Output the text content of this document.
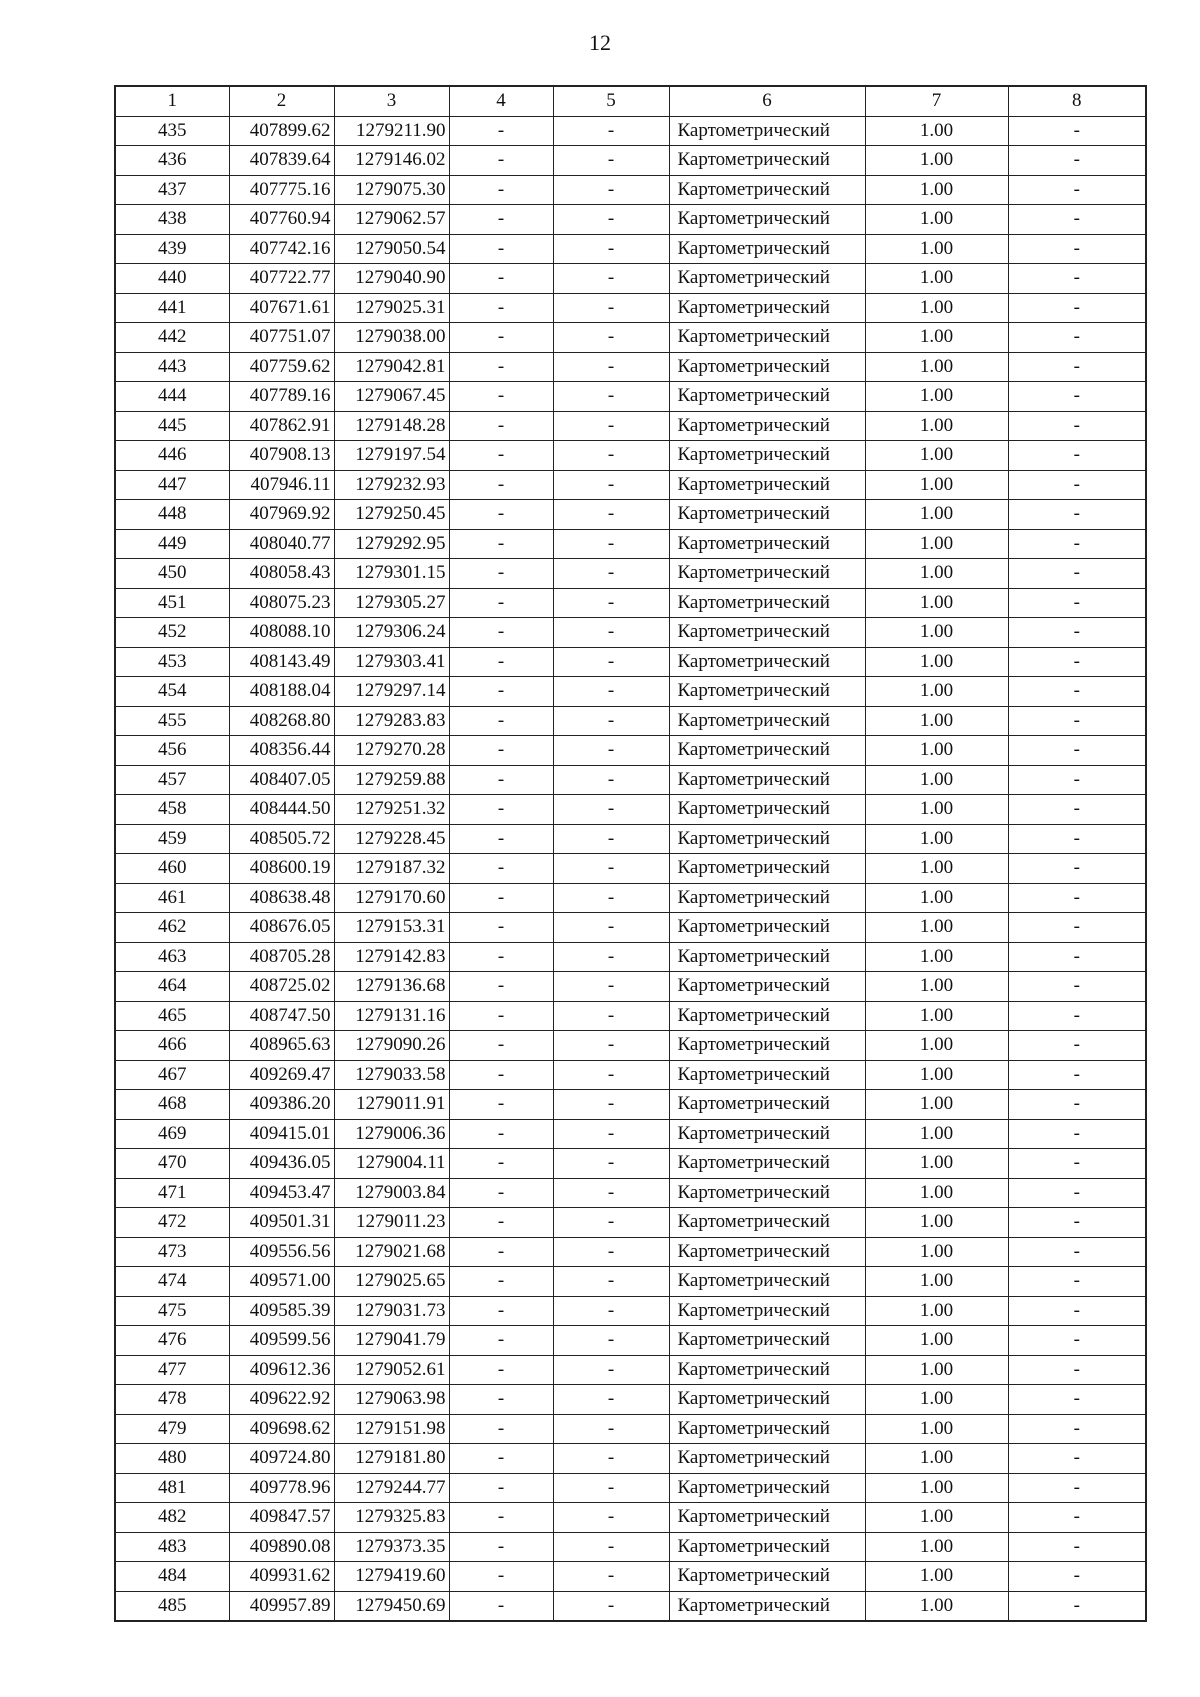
12
1	2	3	4	5	6	7	8
435	407899.62	1279211.90	-	-	Картометрический	1.00	-
436	407839.64	1279146.02	-	-	Картометрический	1.00	-
437	407775.16	1279075.30	-	-	Картометрический	1.00	-
438	407760.94	1279062.57	-	-	Картометрический	1.00	-
439	407742.16	1279050.54	-	-	Картометрический	1.00	-
440	407722.77	1279040.90	-	-	Картометрический	1.00	-
441	407671.61	1279025.31	-	-	Картометрический	1.00	-
442	407751.07	1279038.00	-	-	Картометрический	1.00	-
443	407759.62	1279042.81	-	-	Картометрический	1.00	-
444	407789.16	1279067.45	-	-	Картометрический	1.00	-
445	407862.91	1279148.28	-	-	Картометрический	1.00	-
446	407908.13	1279197.54	-	-	Картометрический	1.00	-
447	407946.11	1279232.93	-	-	Картометрический	1.00	-
448	407969.92	1279250.45	-	-	Картометрический	1.00	-
449	408040.77	1279292.95	-	-	Картометрический	1.00	-
450	408058.43	1279301.15	-	-	Картометрический	1.00	-
451	408075.23	1279305.27	-	-	Картометрический	1.00	-
452	408088.10	1279306.24	-	-	Картометрический	1.00	-
453	408143.49	1279303.41	-	-	Картометрический	1.00	-
454	408188.04	1279297.14	-	-	Картометрический	1.00	-
455	408268.80	1279283.83	-	-	Картометрический	1.00	-
456	408356.44	1279270.28	-	-	Картометрический	1.00	-
457	408407.05	1279259.88	-	-	Картометрический	1.00	-
458	408444.50	1279251.32	-	-	Картометрический	1.00	-
459	408505.72	1279228.45	-	-	Картометрический	1.00	-
460	408600.19	1279187.32	-	-	Картометрический	1.00	-
461	408638.48	1279170.60	-	-	Картометрический	1.00	-
462	408676.05	1279153.31	-	-	Картометрический	1.00	-
463	408705.28	1279142.83	-	-	Картометрический	1.00	-
464	408725.02	1279136.68	-	-	Картометрический	1.00	-
465	408747.50	1279131.16	-	-	Картометрический	1.00	-
466	408965.63	1279090.26	-	-	Картометрический	1.00	-
467	409269.47	1279033.58	-	-	Картометрический	1.00	-
468	409386.20	1279011.91	-	-	Картометрический	1.00	-
469	409415.01	1279006.36	-	-	Картометрический	1.00	-
470	409436.05	1279004.11	-	-	Картометрический	1.00	-
471	409453.47	1279003.84	-	-	Картометрический	1.00	-
472	409501.31	1279011.23	-	-	Картометрический	1.00	-
473	409556.56	1279021.68	-	-	Картометрический	1.00	-
474	409571.00	1279025.65	-	-	Картометрический	1.00	-
475	409585.39	1279031.73	-	-	Картометрический	1.00	-
476	409599.56	1279041.79	-	-	Картометрический	1.00	-
477	409612.36	1279052.61	-	-	Картометрический	1.00	-
478	409622.92	1279063.98	-	-	Картометрический	1.00	-
479	409698.62	1279151.98	-	-	Картометрический	1.00	-
480	409724.80	1279181.80	-	-	Картометрический	1.00	-
481	409778.96	1279244.77	-	-	Картометрический	1.00	-
482	409847.57	1279325.83	-	-	Картометрический	1.00	-
483	409890.08	1279373.35	-	-	Картометрический	1.00	-
484	409931.62	1279419.60	-	-	Картометрический	1.00	-
485	409957.89	1279450.69	-	-	Картометрический	1.00	-
